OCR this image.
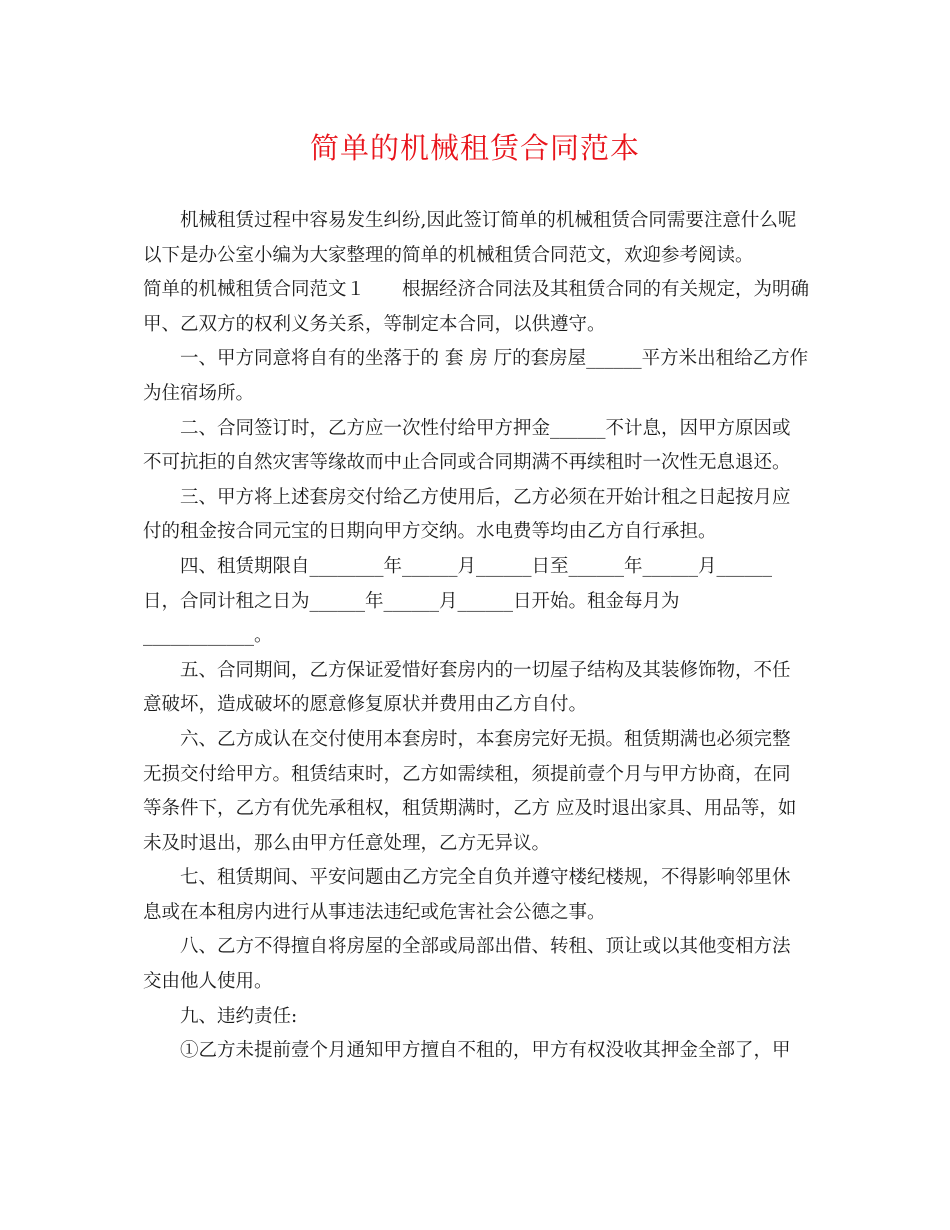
简单的机械租赁合同范本
机械租赁过程中容易发生纠纷,因此签订简单的机械租赁合同需要注意什么呢
以下是办公室小编为大家整理的简单的机械租赁合同范文，欢迎参考阅读。
简单的机械租赁合同范文１　　根据经济合同法及其租赁合同的有关规定，为明确
甲、乙双方的权利义务关系，等制定本合同，以供遵守。
一、甲方同意将自有的坐落于的 套 房 厅的套房屋______平方米出租给乙方作
为住宿场所。
二、合同签订时，乙方应一次性付给甲方押金______不计息，因甲方原因或
不可抗拒的自然灾害等缘故而中止合同或合同期满不再续租时一次性无息退还。
三、甲方将上述套房交付给乙方使用后，乙方必须在开始计租之日起按月应
付的租金按合同元宝的日期向甲方交纳。水电费等均由乙方自行承担。
四、租赁期限自________年______月______日至______年______月______
日，合同计租之日为______年______月______日开始。租金每月为
____________。
五、合同期间，乙方保证爱惜好套房内的一切屋子结构及其装修饰物，不任
意破坏，造成破坏的愿意修复原状并费用由乙方自付。
六、乙方成认在交付使用本套房时，本套房完好无损。租赁期满也必须完整
无损交付给甲方。租赁结束时，乙方如需续租，须提前壹个月与甲方协商，在同
等条件下，乙方有优先承租权，租赁期满时，乙方 应及时退出家具、用品等，如
未及时退出，那么由甲方任意处理，乙方无异议。
七、租赁期间、平安问题由乙方完全自负并遵守楼纪楼规，不得影响邻里休
息或在本租房内进行从事违法违纪或危害社会公德之事。
八、乙方不得擅自将房屋的全部或局部出借、转租、顶让或以其他变相方法
交由他人使用。
九、违约责任:
①乙方未提前壹个月通知甲方擅自不租的，甲方有权没收其押金全部了，甲
